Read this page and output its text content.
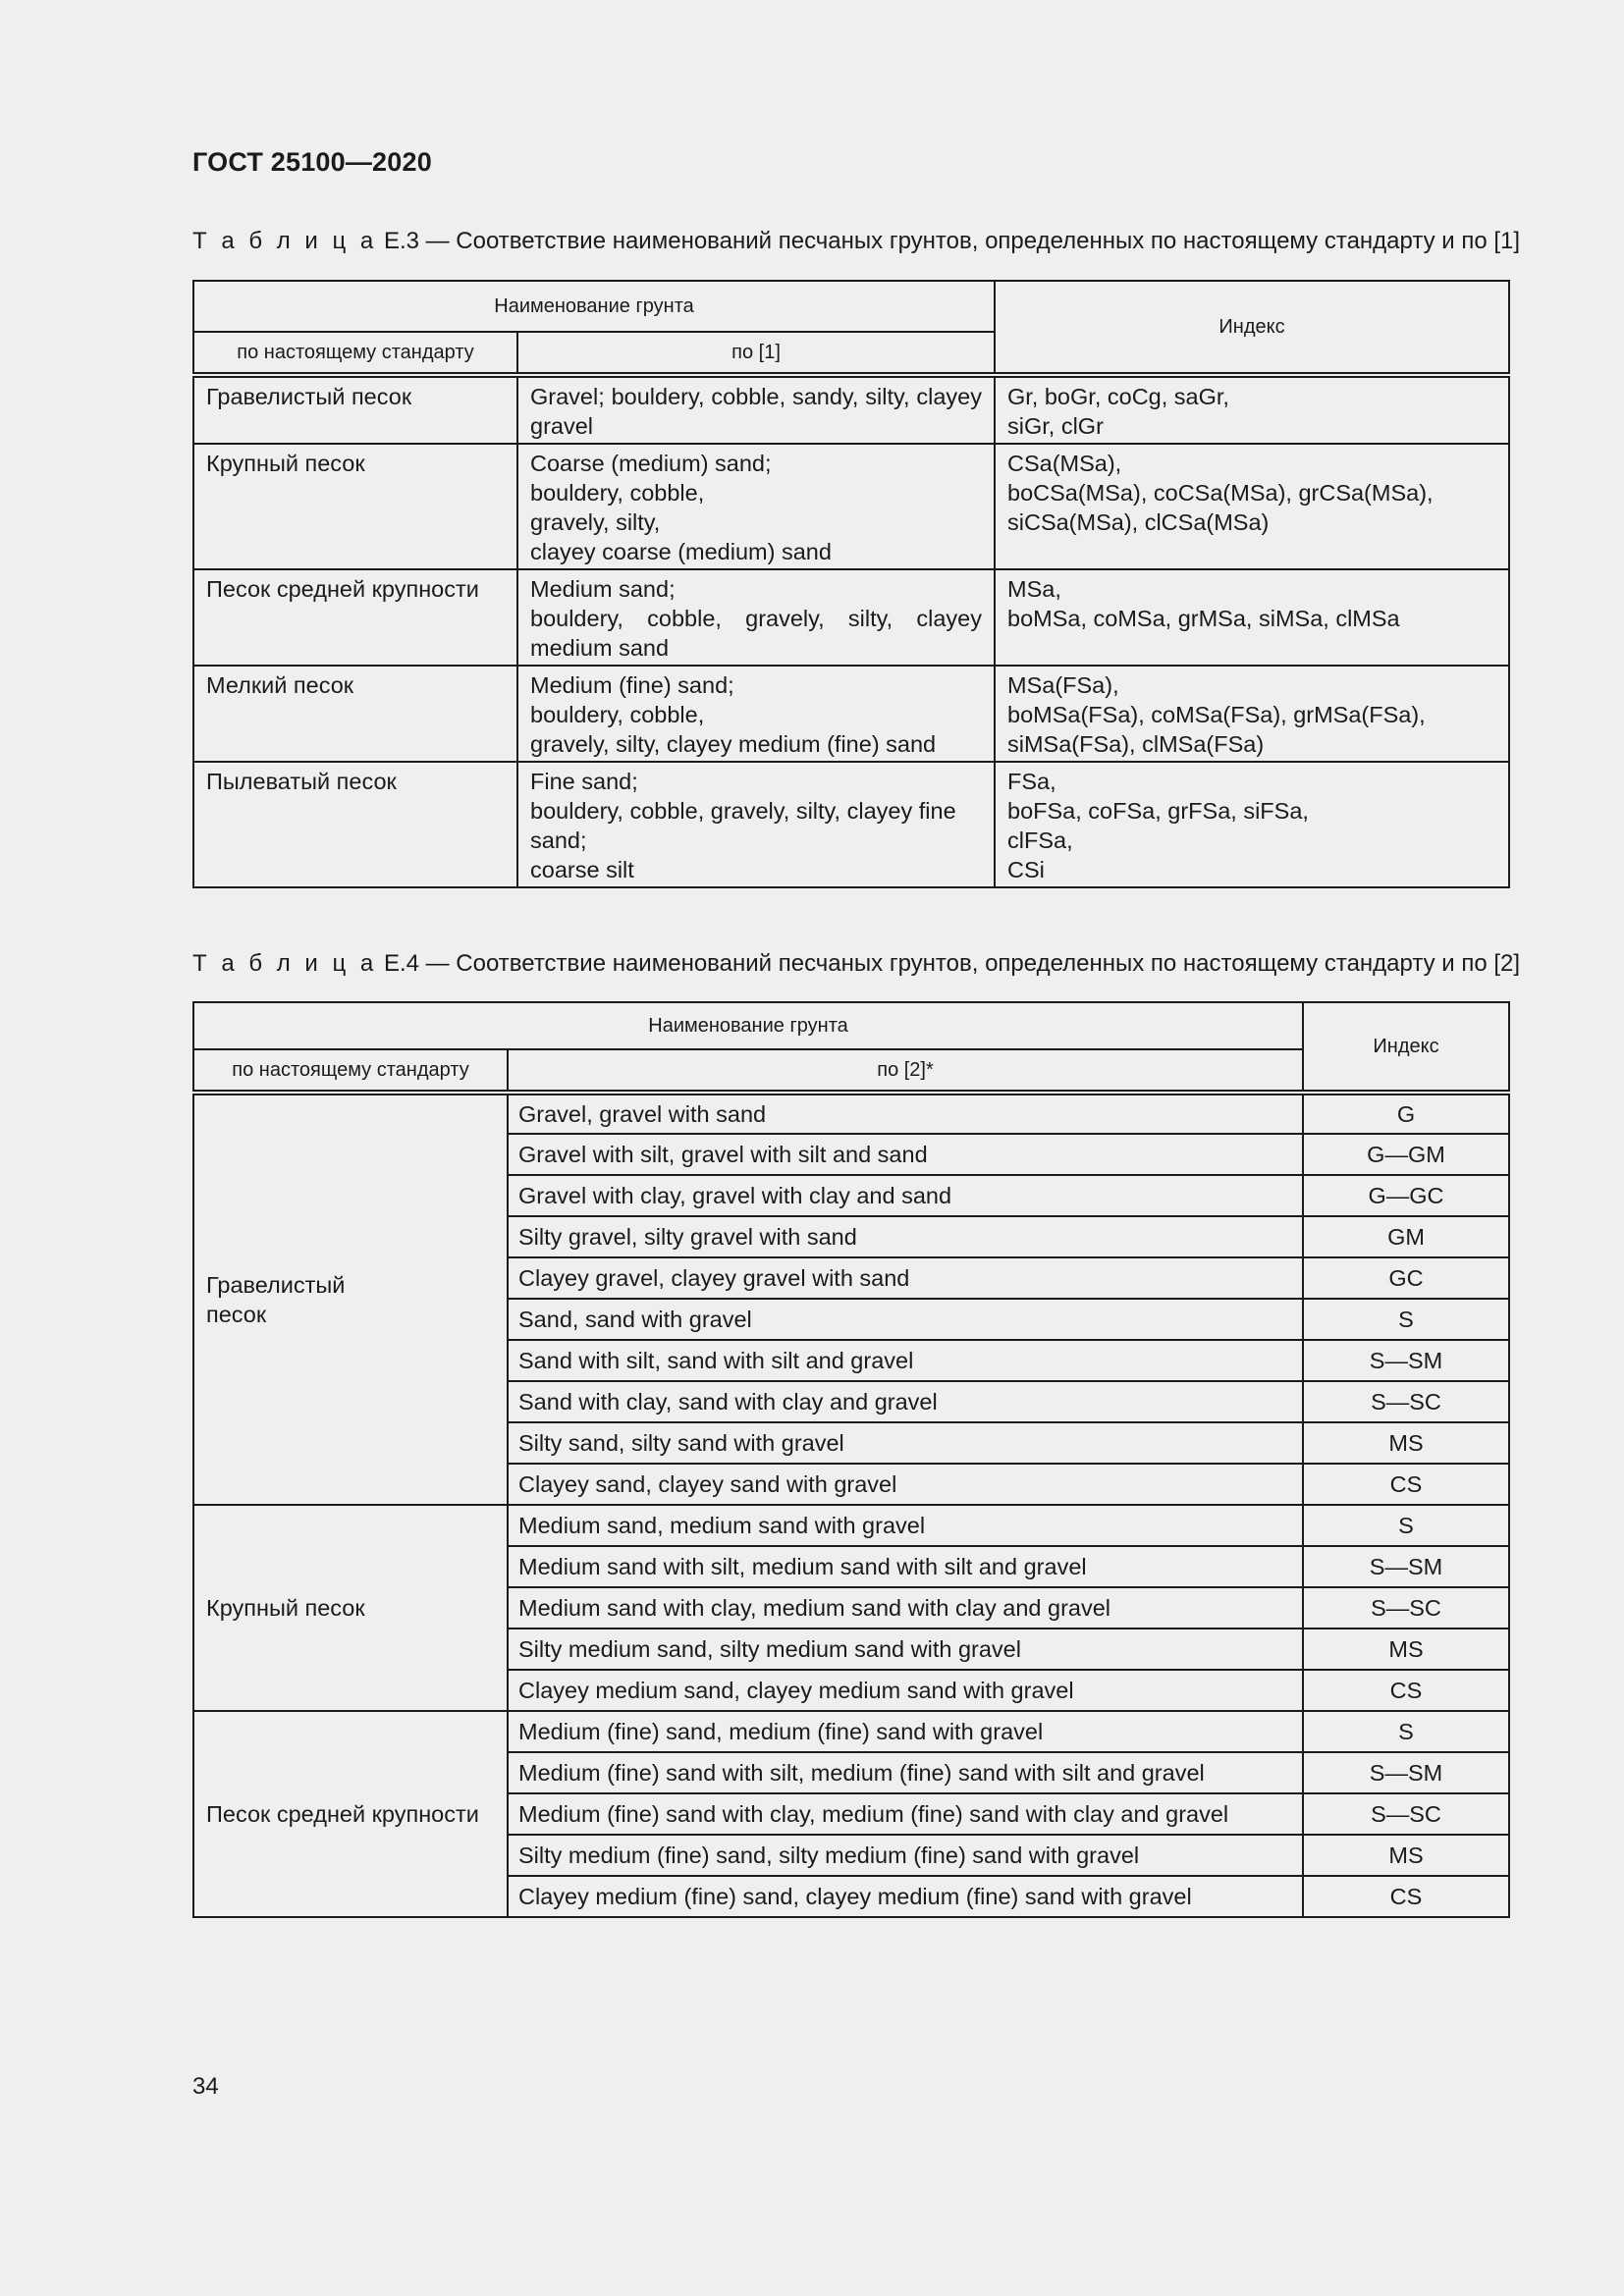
ГОСТ 25100—2020
Т а б л и ц а Е.3 — Соответствие наименований песчаных грунтов, определенных по настоящему стандарту и по [1]
Наименование грунта		Индекс
по настоящему стандарту	по [1]	
Гравелистый песок	Gravel; bouldery, cobble, sandy, silty, clayey gravel	Gr, boGr, coCg, saGr,
siGr, clGr
Крупный песок	Coarse (medium) sand;
bouldery, cobble,
gravely, silty,
clayey coarse (medium) sand	CSa(MSa),
boCSa(MSa), coCSa(MSa), grCSa(MSa),
siCSa(MSa), clCSa(MSa)
Песок средней крупности	Medium sand;
bouldery, cobble, gravely, silty, clayey medium sand	MSa,
boMSa, coMSa, grMSa, siMSa, clMSa
Мелкий песок	Medium (fine) sand;
bouldery, cobble,
gravely, silty, clayey medium (fine) sand	MSa(FSa),
boMSa(FSa), coMSa(FSa), grMSa(FSa),
siMSa(FSa), clMSa(FSa)
Пылеватый песок	Fine sand;
bouldery, cobble, gravely, silty, clayey fine sand;
coarse silt	FSa,
boFSa, coFSa, grFSa, siFSa,
clFSa,
CSi
Т а б л и ц а Е.4 — Соответствие наименований песчаных грунтов, определенных по настоящему стандарту и по [2]
Наименование грунта		Индекс
по настоящему стандарту	по [2]*	
Гравелистый
песок	Gravel, gravel with sand	G
	Gravel with silt, gravel with silt and sand	G—GM
	Gravel with clay, gravel with clay and sand	G—GC
	Silty gravel, silty gravel with sand	GM
	Clayey gravel, clayey gravel with sand	GC
	Sand, sand with gravel	S
	Sand with silt, sand with silt and gravel	S—SM
	Sand with clay, sand with clay and gravel	S—SC
	Silty sand, silty sand with gravel	MS
	Clayey sand, clayey sand with gravel	CS
Крупный песок	Medium sand, medium sand with gravel	S
	Medium sand with silt, medium sand with silt and gravel	S—SM
	Medium sand with clay, medium sand with clay and gravel	S—SC
	Silty medium sand, silty medium sand with gravel	MS
	Clayey medium sand, clayey medium sand with gravel	CS
Песок средней крупности	Medium (fine) sand, medium (fine) sand with gravel	S
	Medium (fine) sand with silt, medium (fine) sand with silt and gravel	S—SM
	Medium (fine) sand with clay, medium (fine) sand with clay and gravel	S—SC
	Silty medium (fine) sand, silty medium (fine) sand with gravel	MS
	Clayey medium (fine) sand, clayey medium (fine) sand with gravel	CS
34
